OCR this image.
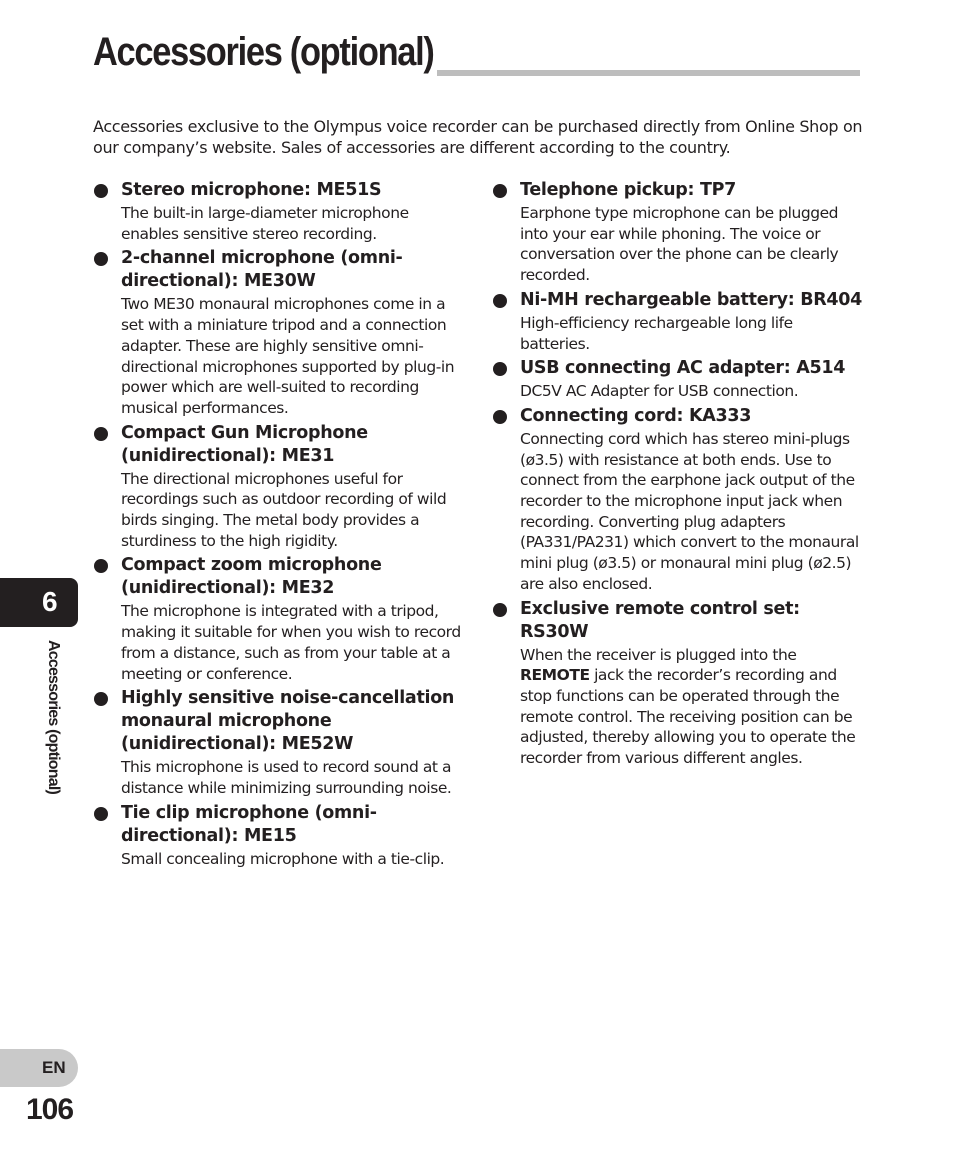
Accessories (optional)

Accessories exclusive to the Olympus voice recorder can be purchased directly from Online Shop on our company’s website. Sales of accessories are different according to the country.

Stereo microphone: ME51S
The built-in large-diameter microphone enables sensitive stereo recording.
2-channel microphone (omni-directional): ME30W
Two ME30 monaural microphones come in a set with a miniature tripod and a connection adapter. These are highly sensitive omni-directional microphones supported by plug-in power which are well-suited to recording musical performances.
Compact Gun Microphone (unidirectional): ME31
The directional microphones useful for recordings such as outdoor recording of wild birds singing. The metal body provides a sturdiness to the high rigidity.
Compact zoom microphone (unidirectional): ME32
The microphone is integrated with a tripod, making it suitable for when you wish to record from a distance, such as from your table at a meeting or conference.
Highly sensitive noise-cancellation monaural microphone (unidirectional): ME52W
This microphone is used to record sound at a distance while minimizing surrounding noise.
Tie clip microphone (omni-directional): ME15
Small concealing microphone with a tie-clip.
Telephone pickup: TP7
Earphone type microphone can be plugged into your ear while phoning. The voice or conversation over the phone can be clearly recorded.
Ni-MH rechargeable battery: BR404
High-efficiency rechargeable long life batteries.
USB connecting AC adapter: A514
DC5V AC Adapter for USB connection.
Connecting cord: KA333
Connecting cord which has stereo mini-plugs (ø3.5) with resistance at both ends. Use to connect from the earphone jack output of the recorder to the microphone input jack when recording. Converting plug adapters (PA331/PA231) which convert to the monaural mini plug (ø3.5) or monaural mini plug (ø2.5) are also enclosed.
Exclusive remote control set: RS30W
When the receiver is plugged into the REMOTE jack the recorder’s recording and stop functions can be operated through the remote control. The receiving position can be adjusted, thereby allowing you to operate the recorder from various different angles.
6
Accessories (optional)
EN
106
